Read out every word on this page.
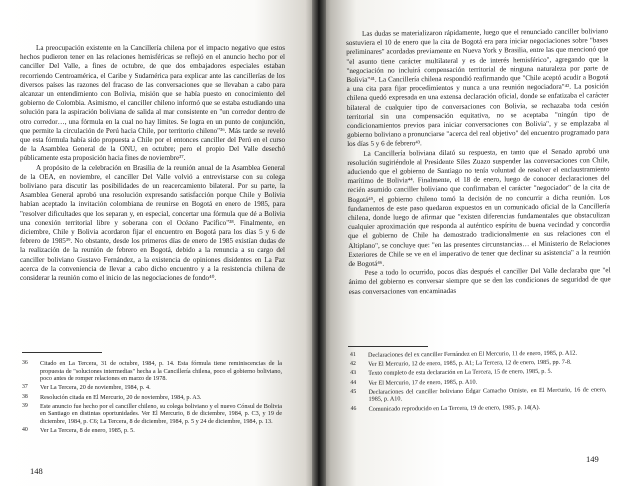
La preocupación existente en la Cancillería chilena por el impacto negativo que estos hechos pudieron tener en las relaciones hemisféricas se reflejó en el anuncio hecho por el canciller Del Valle, a fines de octubre, de que dos embajadores especiales estaban recorriendo Centroamérica, el Caribe y Sudamérica para explicar ante las cancillerías de los diversos países las razones del fracaso de las conversaciones que se llevaban a cabo para alcanzar un entendimiento con Bolivia, misión que se había puesto en conocimiento del gobierno de Colombia. Asimismo, el canciller chileno informó que se estaba estudiando una solución para la aspiración boliviana de salida al mar consistente en "un corredor dentro de otro corredor…, una fórmula en la cual no hay límites. Se logra en un punto de conjunción, que permite la circulación de Perú hacia Chile, por territorio chileno"³⁶. Más tarde se reveló que esta fórmula había sido propuesta a Chile por el entonces canciller del Perú en el curso de la Asamblea General de la ONU, en octubre; pero el propio Del Valle desechó públicamente esta proposición hacia fines de noviembre³⁷.

A propósito de la celebración en Brasilia de la reunión anual de la Asamblea General de la OEA, en noviembre, el canciller Del Valle volvió a entrevistarse con su colega boliviano para discutir las posibilidades de un reacercamiento bilateral. Por su parte, la Asamblea General aprobó una resolución expresando satisfacción porque Chile y Bolivia habían aceptado la invitación colombiana de reunirse en Bogotá en enero de 1985, para "resolver dificultades que los separan y, en especial, concertar una fórmula que dé a Bolivia una conexión territorial libre y soberana con el Océano Pacífico"³⁸. Finalmente, en diciembre, Chile y Bolivia acordaron fijar el encuentro en Bogotá para los días 5 y 6 de febrero de 1985³⁹. No obstante, desde los primeros días de enero de 1985 existían dudas de la realización de la reunión de febrero en Bogotá, debido a la renuncia a su cargo del canciller boliviano Gustavo Fernández, a la existencia de opiniones disidentes en La Paz acerca de la conveniencia de llevar a cabo dicho encuentro y a la resistencia chilena de considerar la reunión como el inicio de las negociaciones de fondo⁴⁰.

36	Citado en La Tercera, 31 de octubre, 1984, p. 14. Esta fórmula tiene reminiscencias de la propuesta de "soluciones intermedias" hecha a la Cancillería chilena, poco el gobierno boliviano, poco antes de romper relaciones en marzo de 1978.
37	Ver La Tercera, 20 de noviembre, 1984, p. 4.
38	Resolución citada en El Mercurio, 20 de noviembre, 1984, p. A3.
39	Este anuncio fue hecho por el canciller chileno, su colega boliviano y el nuevo Cónsul de Bolivia en Santiago en distintas oportunidades. Ver El Mercurio, 8 de diciembre, 1984, p. C3, y 19 de diciembre, 1984, p. C6; La Tercera, 8 de diciembre, 1984, p. 5 y 24 de diciembre, 1984, p. 13.
40	Ver La Tercera, 8 de enero, 1985, p. 5.
148

Las dudas se materializaron rápidamente, luego que el renunciado canciller boliviano sostuviera el 10 de enero que la cita de Bogotá era para iniciar negociaciones sobre "bases preliminares" acordadas previamente en Nueva York y Brasilia, entre las que mencionó que "el asunto tiene carácter multilateral y es de interés hemisférico", agregando que la "negociación no incluirá compensación territorial de ninguna naturaleza por parte de Bolivia"⁴¹. La Cancillería chilena respondió reafirmando que "Chile aceptó acudir a Bogotá a una cita para fijar procedimientos y nunca a una reunión negociadora"⁴². La posición chilena quedó expresada en una extensa declaración oficial, donde se enfatizaba el carácter bilateral de cualquier tipo de conversaciones con Bolivia, se rechazaba toda cesión territorial sin una compensación equitativa, no se aceptaba "ningún tipo de condicionamientos previos para iniciar conversaciones con Bolivia", y se emplazaba al gobierno boliviano a pronunciarse "acerca del real objetivo" del encuentro programado para los días 5 y 6 de febrero⁴³.

La Cancillería boliviana dilató su respuesta, en tanto que el Senado aprobó una resolución sugiriéndole al Presidente Siles Zuazo suspender las conversaciones con Chile, aduciendo que el gobierno de Santiago no tenía voluntad de resolver el enclaustramiento marítimo de Bolivia⁴⁴. Finalmente, el 18 de enero, luego de conocer declaraciones del recién asumido canciller boliviano que confirmaban el carácter "negociador" de la cita de Bogotá⁴⁵, el gobierno chileno tomó la decisión de no concurrir a dicha reunión. Los fundamentos de este paso quedaron expuestos en un comunicado oficial de la Cancillería chilena, donde luego de afirmar que "existen diferencias fundamentales que obstaculizan cualquier aproximación que responda al auténtico espíritu de buena vecindad y concordia que el gobierno de Chile ha demostrado tradicionalmente en sus relaciones con el Altiplano", se concluye que: "en las presentes circunstancias… el Ministerio de Relaciones Exteriores de Chile se ve en el imperativo de tener que declinar su asistencia" a la reunión de Bogotá⁴⁶.

Pese a todo lo ocurrido, pocos días después el canciller Del Valle declaraba que "el ánimo del gobierno es conversar siempre que se den las condiciones de seguridad de que esas conversaciones van encaminadas

41	Declaraciones del ex canciller Fernández en El Mercurio, 11 de enero, 1985, p. A12.
42	Ver El Mercurio, 12 de enero, 1985, p. A1; La Tercera, 12 de enero, 1985, pp. 7-8.
43	Texto completo de esta declaración en La Tercera, 15 de enero, 1985, p. 5.
44	Ver El Mercurio, 17 de enero, 1985, p. A10.
45	Declaraciones del canciller boliviano Edgar Camacho Omiste, en El Mercurio, 16 de enero, 1985, p. A10.
46	Comunicado reproducido en La Tercera, 19 de enero, 1985, p. 14(A).
149
